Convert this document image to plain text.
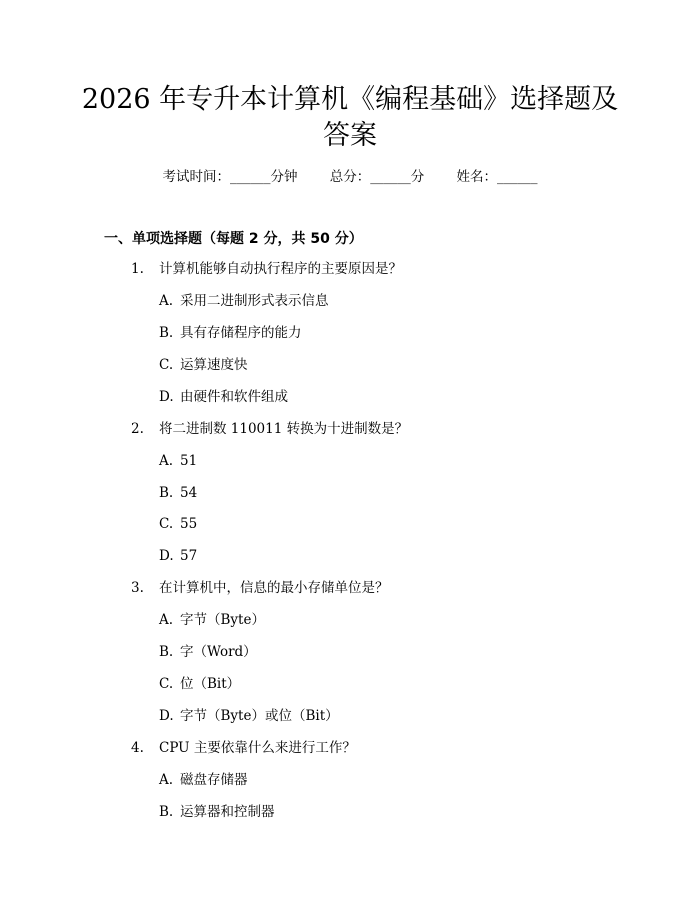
2026 年专升本计算机《编程基础》选择题及
答案
考试时间：______分钟 总分：______分 姓名：______
一、单项选择题（每题 2 分，共 50 分）
1.	计算机能够自动执行程序的主要原因是？
A. 采用二进制形式表示信息
B. 具有存储程序的能力
C. 运算速度快
D. 由硬件和软件组成
2.	将二进制数 110011 转换为十进制数是？
A. 51
B. 54
C. 55
D. 57
3.	在计算机中，信息的最小存储单位是？
A. 字节（Byte）
B. 字（Word）
C. 位（Bit）
D. 字节（Byte）或位（Bit）
4.	CPU 主要依靠什么来进行工作？
A. 磁盘存储器
B. 运算器和控制器
